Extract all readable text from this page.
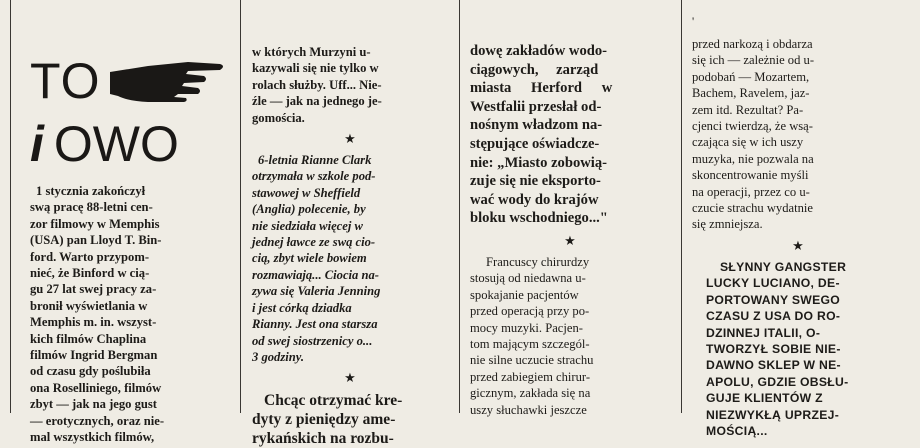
TO
i OWO
1 stycznia zakończył
swą pracę 88-letni cen-
zor filmowy w Memphis
(USA) pan Lloyd T. Bin-
ford. Warto przypom-
nieć, że Binford w cią-
gu 27 lat swej pracy za-
bronił wyświetlania w
Memphis m. in. wszyst-
kich filmów Chaplina
filmów Ingrid Bergman
od czasu gdy poślubiła
ona Roselliniego, filmów
zbyt — jak na jego gust
— erotycznych, oraz nie-
mal wszystkich filmów,
w których Murzyni u-
kazywali się nie tylko w
rolach służby. Uff... Nie-
źle — jak na jednego je-
gomościa.
★
6-letnia Rianne Clark
otrzymała w szkole pod-
stawowej w Sheffield
(Anglia) polecenie, by
nie siedziała więcej w
jednej ławce ze swą cio-
cią, zbyt wiele bowiem
rozmawiają... Ciocia na-
zywa się Valeria Jenning
i jest córką dziadka
Rianny. Jest ona starsza
od swej siostrzenicy o...
3 godziny.
★
Chcąc otrzymać kre-
dyty z pieniędzy ame-
rykańskich na rozbu-
dowę zakładów wodo-
ciągowych, zarząd
miasta Herford w
Westfalii przesłał od-
nośnym władzom na-
stępujące oświadcze-
nie: „Miasto zobowią-
zuje się nie eksporto-
wać wody do krajów
bloku wschodniego..."
★
Francuscy chirurdzy
stosują od niedawna u-
spokajanie pacjentów
przed operacją przy po-
mocy muzyki. Pacjen-
tom mającym szczegól-
nie silne uczucie strachu
przed zabiegiem chirur-
gicznym, zakłada się na
uszy słuchawki jeszcze
'
przed narkozą i obdarza
się ich — zależnie od u-
podobań — Mozartem,
Bachem, Ravelem, jaz-
zem itd. Rezultat? Pa-
cjenci twierdzą, że wsą-
czająca się w ich uszy
muzyka, nie pozwala na
skoncentrowanie myśli
na operacji, przez co u-
czucie strachu wydatnie
się zmniejsza.
★
SŁYNNY GANGSTER
LUCKY LUCIANO, DE-
PORTOWANY SWEGO
CZASU Z USA DO RO-
DZINNEJ ITALII, O-
TWORZYŁ SOBIE NIE-
DAWNO SKLEP W NE-
APOLU, GDZIE OBSŁU-
GUJE KLIENTÓW Z
NIEZWYKŁĄ UPRZEJ-
MOŚCIĄ...
